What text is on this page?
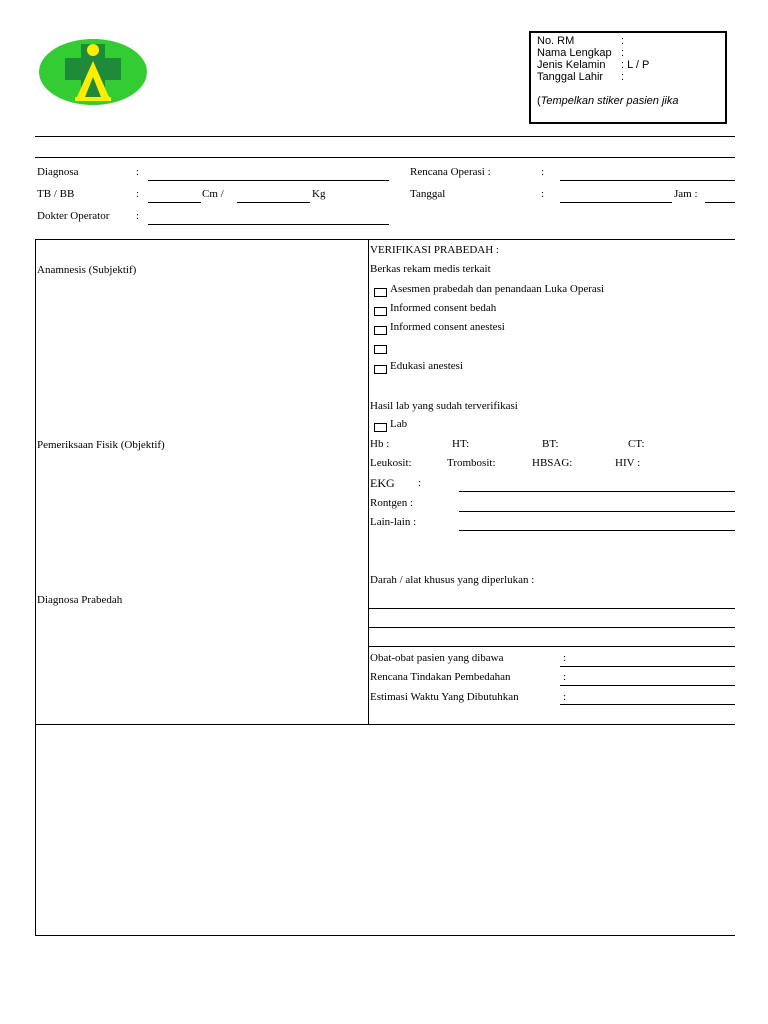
No. RM	:
Nama Lengkap :
Jenis Kelamin : L / P
Tanggal Lahir :
(Tempelkan stiker pasien jika
Diagnosa	:	Rencana Operasi :	:
TB / BB	:	Cm /	Kg	Tanggal	:	Jam :
Dokter Operator :
Anamnesis (Subjektif)
Pemeriksaan Fisik (Objektif)
Diagnosa Prabedah
VERIFIKASI PRABEDAH :
Berkas rekam medis terkait
Asesmen prabedah dan penandaan Luka Operasi
Informed consent bedah
Informed consent anestesi
Edukasi anestesi
Hasil lab yang sudah terverifikasi
Lab
Hb :	HT:	BT:	CT:
Leukosit:	Trombosit:	HBSAG:	HIV :
EKG :
Rontgen :
Lain-lain :
Darah / alat khusus yang diperlukan :
Obat-obat pasien yang dibawa	:
Rencana Tindakan Pembedahan	:
Estimasi Waktu Yang Dibutuhkan	:
